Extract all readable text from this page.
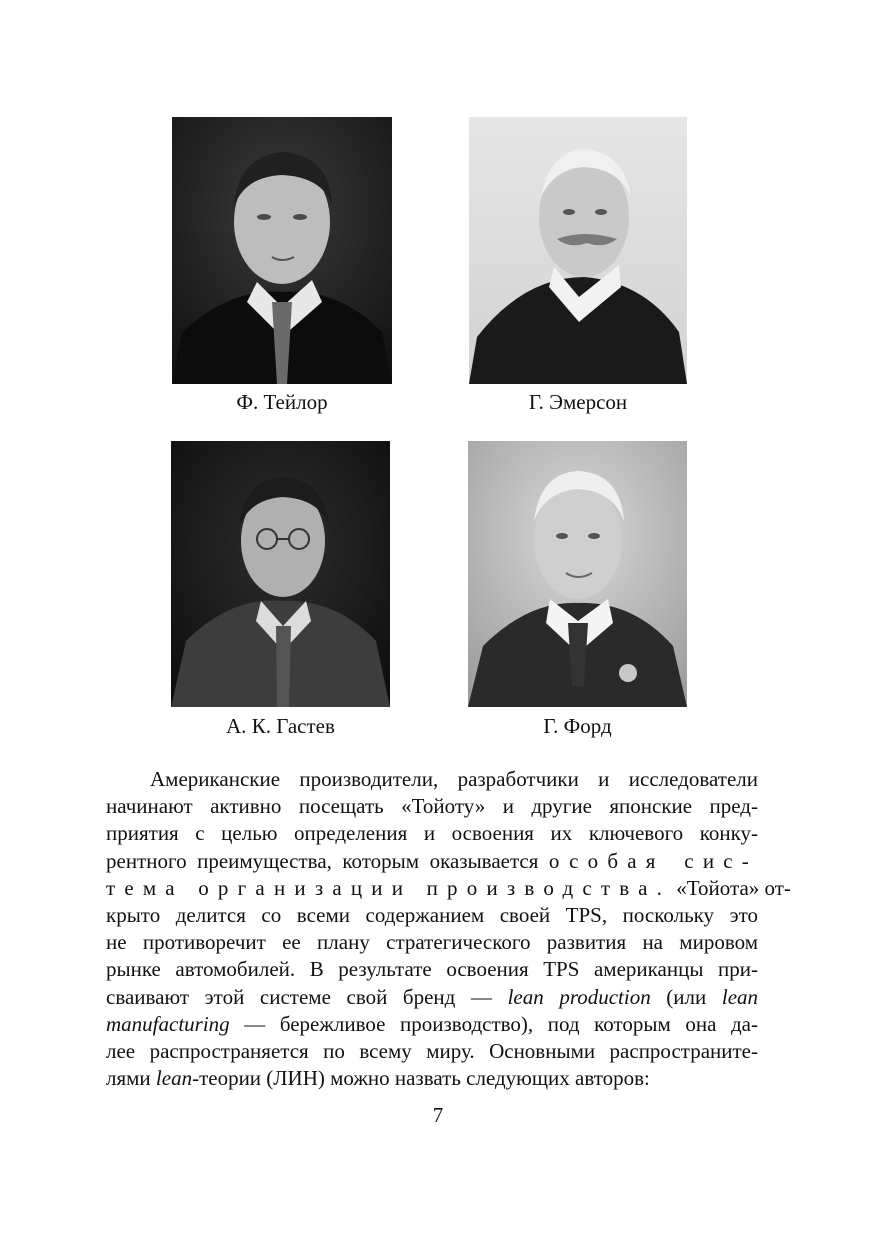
Ф. Тейлор	Г. Эмерсон
А. К. Гастев	Г. Форд
Американские производители, разработчики и исследователи
начинают активно посещать «Тойоту» и другие японские пред-
приятия с целью определения и освоения их ключевого конку-
рентного преимущества, которым оказывается особая сис-
тема организации производства. «Тойота» от-
крыто делится со всеми содержанием своей TPS, поскольку это
не противоречит ее плану стратегического развития на мировом
рынке автомобилей. В результате освоения TPS американцы при-
сваивают этой системе свой бренд — lean production (или lean
manufacturing — бережливое производство), под которым она да-
лее распространяется по всему миру. Основными распространите-
лями lean-теории (ЛИН) можно назвать следующих авторов:
7
